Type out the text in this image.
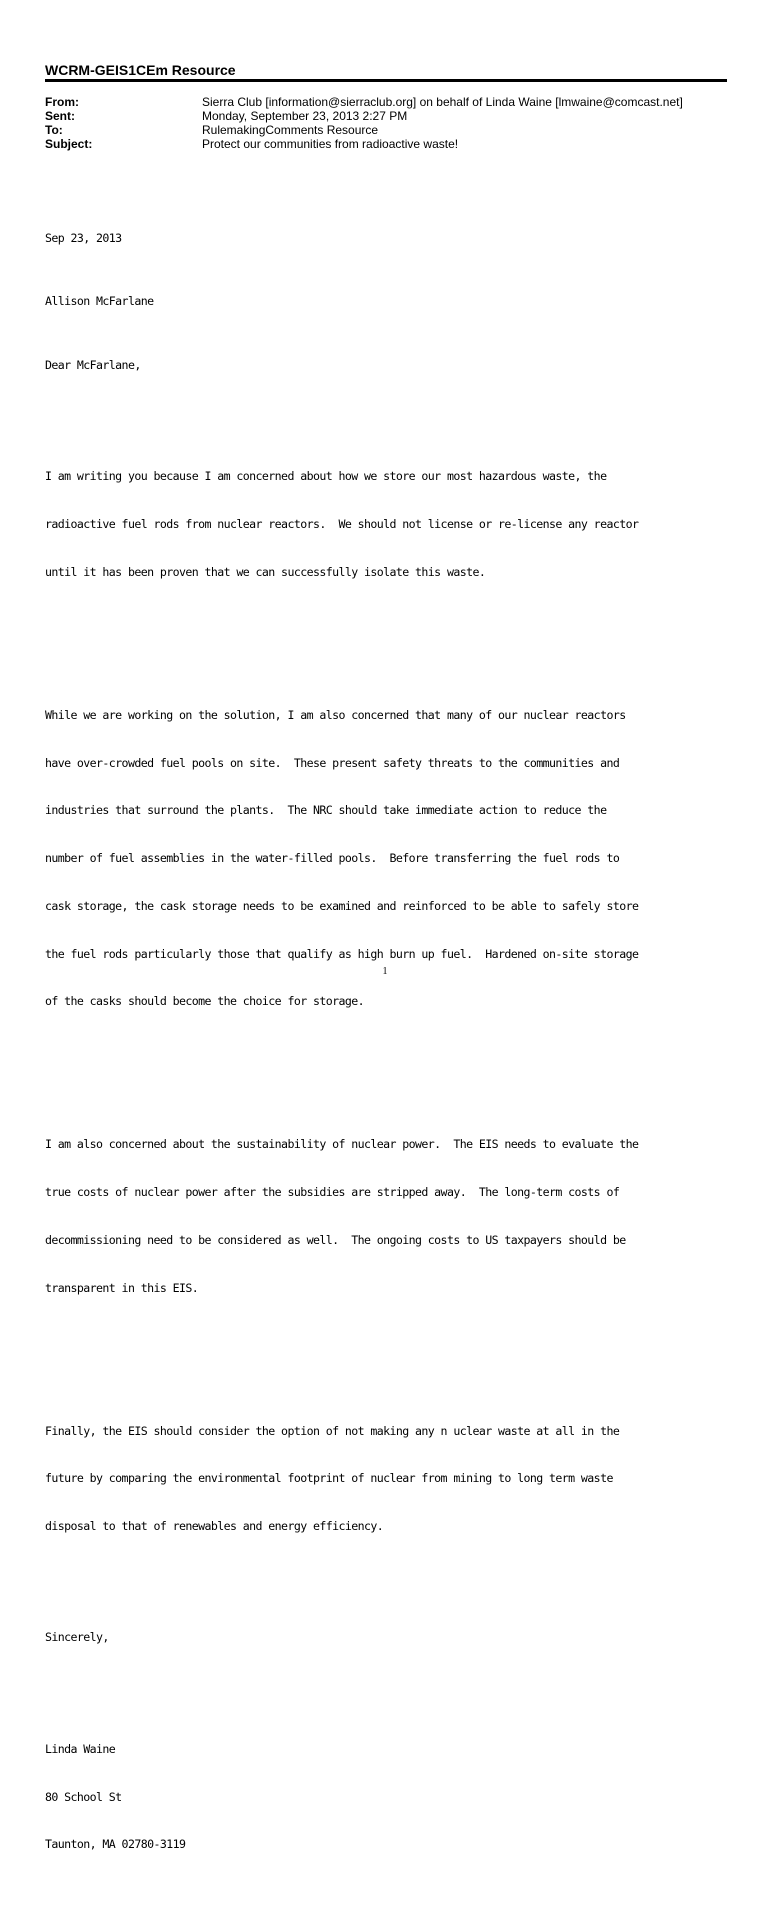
WCRM-GEIS1CEm Resource
From:	Sierra Club [information@sierraclub.org] on behalf of Linda Waine [lmwaine@comcast.net]
Sent:	Monday, September 23, 2013 2:27 PM
To:	RulemakingComments Resource
Subject:	Protect our communities from radioactive waste!

Sep 23, 2013

Allison McFarlane

Dear McFarlane,

I am writing you because I am concerned about how we store our most hazardous waste, the

radioactive fuel rods from nuclear reactors.  We should not license or re-license any reactor

until it has been proven that we can successfully isolate this waste.

While we are working on the solution, I am also concerned that many of our nuclear reactors

have over-crowded fuel pools on site.  These present safety threats to the communities and

industries that surround the plants.  The NRC should take immediate action to reduce the

number of fuel assemblies in the water-filled pools.  Before transferring the fuel rods to

cask storage, the cask storage needs to be examined and reinforced to be able to safely store

the fuel rods particularly those that qualify as high burn up fuel.  Hardened on-site storage

of the casks should become the choice for storage.

I am also concerned about the sustainability of nuclear power.  The EIS needs to evaluate the

true costs of nuclear power after the subsidies are stripped away.  The long-term costs of

decommissioning need to be considered as well.  The ongoing costs to US taxpayers should be

transparent in this EIS.

Finally, the EIS should consider the option of not making any n uclear waste at all in the

future by comparing the environmental footprint of nuclear from mining to long term waste

disposal to that of renewables and energy efficiency.

Sincerely,

Linda Waine

80 School St

Taunton, MA 02780-3119

1
